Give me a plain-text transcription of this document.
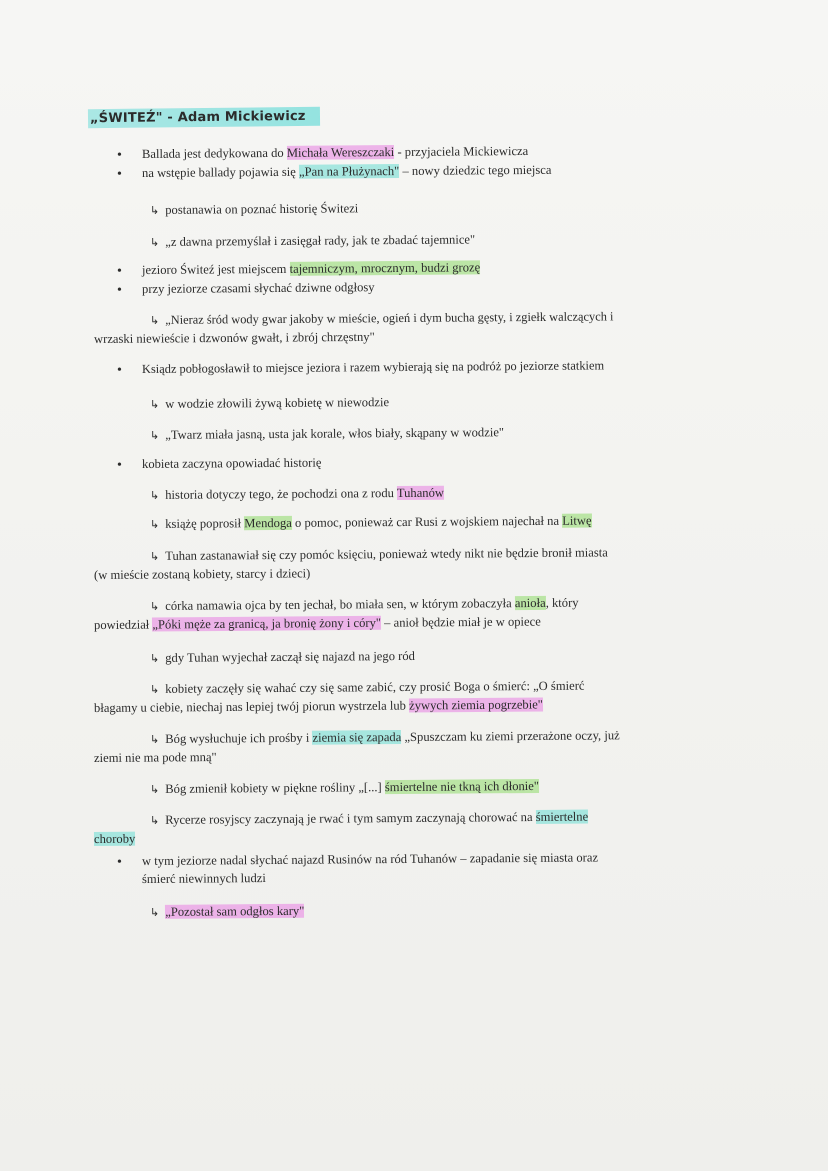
„ŚWITEŹ" - Adam Mickiewicz
• Ballada jest dedykowana do Michała Wereszczaki - przyjaciela Mickiewicza
• na wstępie ballady pojawia się „Pan na Płużynach" – nowy dziedzic tego miejsca
↳ postanawia on poznać historię Świtezi
↳ „z dawna przemyślał i zasięgał rady, jak te zbadać tajemnice"
• jezioro Świteź jest miejscem tajemniczym, mrocznym, budzi grozę
• przy jeziorze czasami słychać dziwne odgłosy
↳ „Nieraz śród wody gwar jakoby w mieście, ogień i dym bucha gęsty, i zgiełk walczących i
wrzaski niewieście i dzwonów gwałt, i zbrój chrzęstny"
• Ksiądz pobłogosławił to miejsce jeziora i razem wybierają się na podróż po jeziorze statkiem
↳ w wodzie złowili żywą kobietę w niewodzie
↳ „Twarz miała jasną, usta jak korale, włos biały, skąpany w wodzie"
• kobieta zaczyna opowiadać historię
↳ historia dotyczy tego, że pochodzi ona z rodu Tuhanów
↳ książę poprosił Mendoga o pomoc, ponieważ car Rusi z wojskiem najechał na Litwę
↳ Tuhan zastanawiał się czy pomóc księciu, ponieważ wtedy nikt nie będzie bronił miasta
(w mieście zostaną kobiety, starcy i dzieci)
↳ córka namawia ojca by ten jechał, bo miała sen, w którym zobaczyła anioła, który
powiedział „Póki męże za granicą, ja bronię żony i córy" – anioł będzie miał je w opiece
↳ gdy Tuhan wyjechał zaczął się najazd na jego ród
↳ kobiety zaczęły się wahać czy się same zabić, czy prosić Boga o śmierć: „O śmierć
błagamy u ciebie, niechaj nas lepiej twój piorun wystrzela lub żywych ziemia pogrzebie"
↳ Bóg wysłuchuje ich prośby i ziemia się zapada „Spuszczam ku ziemi przerażone oczy, już
ziemi nie ma pode mną"
↳ Bóg zmienił kobiety w piękne rośliny „[...] śmiertelne nie tkną ich dłonie"
↳ Rycerze rosyjscy zaczynają je rwać i tym samym zaczynają chorować na śmiertelne
choroby
• w tym jeziorze nadal słychać najazd Rusinów na ród Tuhanów – zapadanie się miasta oraz
śmierć niewinnych ludzi
↳ „Pozostał sam odgłos kary"
